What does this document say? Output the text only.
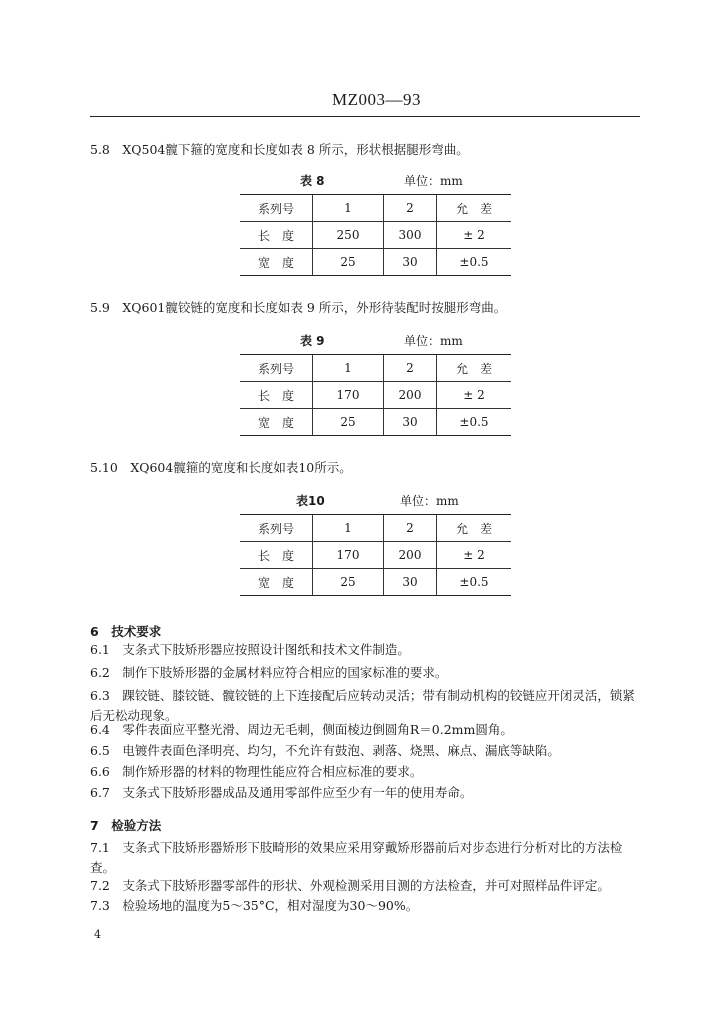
MZ003—93
5.8　XQ504髋下箍的宽度和长度如表 8 所示，形状根据腿形弯曲。
表 8	单位：mm
系列号	1	2	允　差
长　度	250	300	± 2
宽　度	25	30	±0.5
5.9　XQ601髋铰链的宽度和长度如表 9 所示，外形待装配时按腿形弯曲。
表 9	单位：mm
系列号	1	2	允　差
长　度	170	200	± 2
宽　度	25	30	±0.5
5.10　XQ604髋箍的宽度和长度如表10所示。
表10	单位：mm
系列号	1	2	允　差
长　度	170	200	± 2
宽　度	25	30	±0.5
6　技术要求
6.1　支条式下肢矫形器应按照设计图纸和技术文件制造。
6.2　制作下肢矫形器的金属材料应符合相应的国家标准的要求。
6.3　踝铰链、膝铰链、髋铰链的上下连接配后应转动灵活；带有制动机构的铰链应开闭灵活，锁紧后无松动现象。
6.4　零件表面应平整光滑、周边无毛刺，侧面棱边倒圆角R＝0.2mm圆角。
6.5　电镀件表面色泽明亮、均匀，不允许有鼓泡、剥落、烧黑、麻点、漏底等缺陷。
6.6　制作矫形器的材料的物理性能应符合相应标准的要求。
6.7　支条式下肢矫形器成品及通用零部件应至少有一年的使用寿命。
7　检验方法
7.1　支条式下肢矫形器矫形下肢畸形的效果应采用穿戴矫形器前后对步态进行分析对比的方法检查。
7.2　支条式下肢矫形器零部件的形状、外观检测采用目测的方法检查，并可对照样品件评定。
7.3　检验场地的温度为5～35°C，相对湿度为30～90%。
4
